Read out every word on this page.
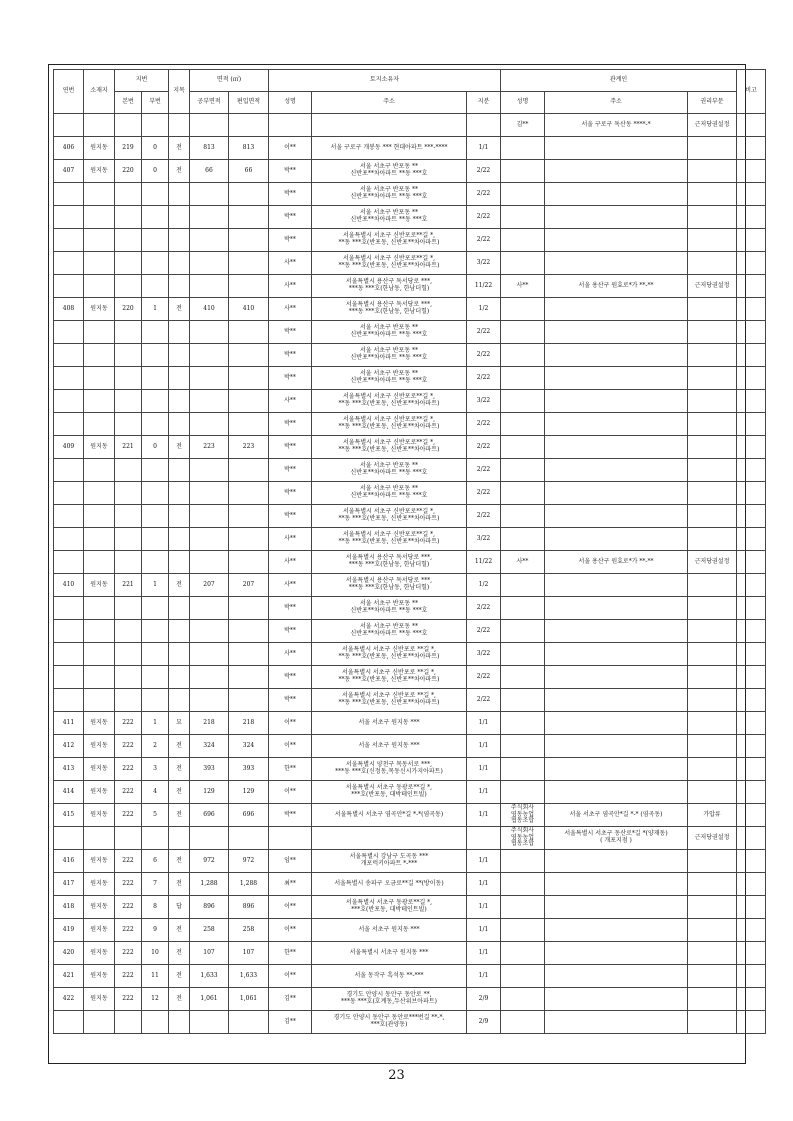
연번	소재지	지번		지목	면적 (㎡)		토지소유자			관계인			비고
		본번	부번		공부면적	편입면적	성명	주소	지분	성명	주소	권리부문	
										김**	서울 구로구 독산동 ****-*	근저당권설정	
406	원지동	219	0	전	813	813	이**	서울 구로구 개봉동 *** 현대아파트 ***-****	1/1				
407	원지동	220	0	전	66	66	박**	서울 서초구 반포동 **
신반포**차아파트 **동 ***호	2/22				
							박**	서울 서초구 반포동 **
신반포**차아파트 **동 ***호	2/22				
							박**	서울 서초구 반포동 **
신반포**차아파트 **동 ***호	2/22				
							박**	서울특별시 서초구 신반포로**길 *,
**동 ***호(반포동, 신반포**차아파트)	2/22				
							사**	서울특별시 서초구 신반포로**길 *,
**동 ***호(반포동, 신반포**차아파트)	3/22				
							사**	서울특별시 용산구 독서당로 ***,
***동 ***호(한남동, 한남더힐)	11/22	사**	서울 용산구 원효로*가 **-**	근저당권설정	
408	원지동	220	1	전	410	410	사**	서울특별시 용산구 독서당로 ***,
***동 ***호(한남동, 한남더힐)	1/2				
							박**	서울 서초구 반포동 **
신반포**차아파트 **동 ***호	2/22				
							박**	서울 서초구 반포동 **
신반포**차아파트 **동 ***호	2/22				
							박**	서울 서초구 반포동 **
신반포**차아파트 **동 ***호	2/22				
							사**	서울특별시 서초구 신반포로**길 *,
**동 ***호(반포동, 신반포**차아파트)	3/22				
							박**	서울특별시 서초구 신반포로**길 *,
**동 ***호(반포동, 신반포**차아파트)	2/22				
409	원지동	221	0	전	223	223	박**	서울특별시 서초구 신반포로**길 *,
**동 ***호(반포동, 신반포**차아파트)	2/22				
							박**	서울 서초구 반포동 **
신반포**차아파트 **동 ***호	2/22				
							박**	서울 서초구 반포동 **
신반포**차아파트 **동 ***호	2/22				
							박**	서울특별시 서초구 신반포로**길 *,
**동 ***호(반포동, 신반포**차아파트)	2/22				
							사**	서울특별시 서초구 신반포로**길 *,
**동 ***호(반포동, 신반포**차아파트)	3/22				
							사**	서울특별시 용산구 독서당로 ***,
***동 ***호(한남동, 한남더힐)	11/22	사**	서울 용산구 원효로*가 **-**	근저당권설정	
410	원지동	221	1	전	207	207	사**	서울특별시 용산구 독서당로 ***,
***동 ***호(한남동, 한남더힐)	1/2				
							박**	서울 서초구 반포동 **
신반포**차아파트 **동 ***호	2/22				
							박**	서울 서초구 반포동 **
신반포**차아파트 **동 ***호	2/22				
							사**	서울특별시 서초구 신반포로 **길 *,
**동 ***호(반포동, 신반포**차아파트)	3/22				
							박**	서울특별시 서초구 신반포로 **길 *,
**동 ***호(반포동, 신반포**차아파트)	2/22				
							박**	서울특별시 서초구 신반포로 **길 *,
**동 ***호(반포동, 신반포**차아파트)	2/22				
411	원지동	222	1	묘	218	218	이**	서울 서초구 원지동 ***	1/1				
412	원지동	222	2	전	324	324	이**	서울 서초구 원지동 ***	1/1				
413	원지동	222	3	전	393	393	한**	서울특별시 양천구 목동서로 ***,
***동 ***호(신정동,목동신시가지아파트)	1/1				
414	원지동	222	4	전	129	129	이**	서울특별시 서초구 동광로**길 *,
***호(반포동, 대박테인트빌)	1/1				
415	원지동	222	5	전	696	696	박**	서울특별시 서초구 염곡안*길 *-*(염곡동)	1/1	주식회사
영동농업
협동조합	서울 서초구 염곡안*길 *-* (염곡동)	가압류	
										주식회사
영동농업
협동조합	서울특별시 서초구 동산로*길 *(양재동)
( 개포지점 )	근저당권설정	
416	원지동	222	6	전	972	972	임**	서울특별시 강남구 도곡동 ***
개포럭키아파트 *-***	1/1				
417	원지동	222	7	전	1,288	1,288	최**	서울특별시 송파구 오금로**길 **(방이동)	1/1				
418	원지동	222	8	답	896	896	이**	서울특별시 서초구 동광로**길 *,
***호(반포동, 대박테인트빌)	1/1				
419	원지동	222	9	전	258	258	이**	서울 서초구 원지동 ***	1/1				
420	원지동	222	10	전	107	107	한**	서울특별시 서초구 원지동 ***	1/1				
421	원지동	222	11	전	1,633	1,633	이**	서울 동작구 흑석동 **-***	1/1				
422	원지동	222	12	전	1,061	1,061	김**	경기도 안양시 동안구 동안로 **,
***동 ***호(호계동,두산위브아파트)	2/9				
							김**	경기도 안양시 동안구 동안로***번길 **-*,
***호(관양동)	2/9				
23
